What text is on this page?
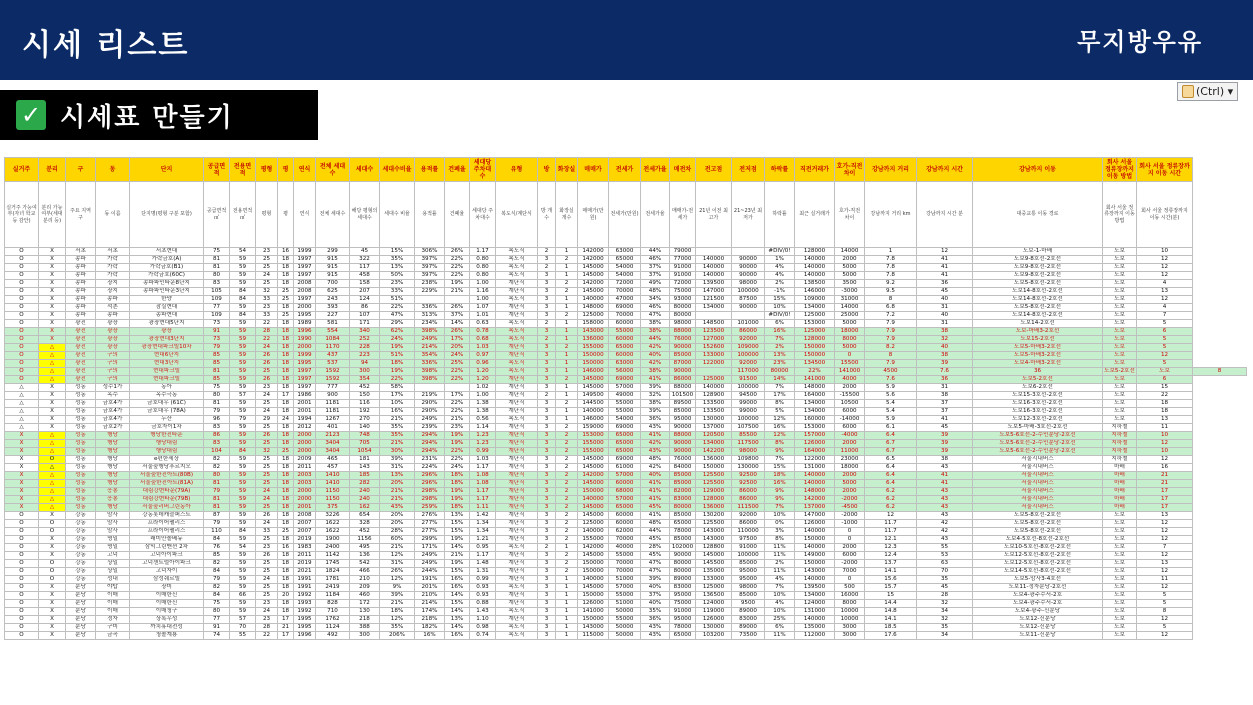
시세 리스트	무지방우유
✓ 시세표 만들기
(Ctrl) ▾
실거주	분리	구	동	단지	공급면적	전용면적	평형	평	연식	전체 세대수	세대수	세대수비율	용적률	건폐율	세대당 주차대수	유형	방	화장실	매매가	전세가	전세가율	매전차	전고점	전저점	하락률	직전거래가	호가-직전 차이	강남까지 거리	강남까지 시간	강남까지 이동	회사 서울 정류장까지 이동 방법	회사 서울 정류장까지 이동 시간	
실거주 가능여부(자녀 학교 등 감안)	분리 가능 여부(세대분리 등)	주요 지역 구	동 이름	단지명(평형 구분 포함)	공급면적 ㎡	전용면적 ㎡	평형	평	연식	전체 세대수	해당 평형의 세대수	세대수 비율	용적률	건폐율	세대당 주차대수	복도식/계단식	방 개수	화장실 개수	매매가(만원)	전세가(만원)	전세가율	매매가-전세가	21년 이전 최고가	21~23년 최저가	하락률	최근 실거래가	호가-직전 차이	강남까지 거리 km	강남까지 시간 분	대중교통 이동 경로	회사 서울 정류장까지 이동 방법	회사 서울 정류장까지 이동 시간(분)	
O	X	서초	서초	서초현대	75	54	23	16	1999	299	45	15%	306%	26%	1.17	복도식	2	1	142000	63000	44%	79000			#DIV/0!	128000	14000	1	12	도보-1-마배	도보	10	
O	X	송파	가락	가락금호(A)	81	59	25	18	1997	915	322	35%	397%	22%	0.80	복도식	3	2	142000	65000	46%	77000	140000	90000	1%	140000	2000	7.8	41	도보9-8호선-2호선	도보	12	
O	X	송파	가락	가락금호(B1)	81	59	25	18	1997	915	117	13%	397%	22%	0.80	복도식	2	1	145000	54000	37%	91000	140000	90000	4%	140000	5000	7.8	41	도보9-8호선-2호선	도보	12	
O	X	송파	가락	가락금호(60C)	80	59	24	18	1997	915	458	50%	397%	22%	0.80	복도식	3	1	145000	54000	37%	91000	140000	90000	4%	140000	5000	7.8	41	도보9-8호선-2호선	도보	12	
O	X	송파	장지	송파파인타운8단지	83	59	25	18	2008	700	158	23%	238%	19%	1.00	계단식	3	2	142000	72000	49%	72000	139500	98000	2%	138500	3500	9.2	36	도보5-8호선-2호선	도보	4	
O	X	송파	장지	송파파인타운3단지	105	84	32	25	2008	625	207	33%	229%	21%	1.16	계단식	3	2	145000	70000	48%	75000	147000	100000	-1%	146000	-3000	9.5	45	도보14-8호선-2호선	도보	13	
O	X	송파	송파	한양	109	84	33	25	1997	243	124	51%			1.00	복도식	3	1	140000	47000	34%	93000	121500	87500	15%	109000	31000	8	40	도보14-8호선-2호선	도보	12	
O	X	송파	석촌	잠실현대	77	59	23	18	2000	393	86	22%	336%	26%	1.07	계단식	3	1	148000	69000	46%	80000	134000	90000	10%	134000	14000	6.8	31	도보5-8호선-2호선	도보	4	
O	X	송파	송파	송파현대	109	84	33	25	1995	227	107	47%	313%	37%	1.01	계단식	3	2	125000	70000	47%	80000			#DIV/0!	125000	25000	7.2	40	도보14-8호선-2호선	도보	7	
O	X	광진	광장	광장현대5단지	73	59	22	18	1989	581	171	29%	234%	14%	0.63	복도식	2	1	158000	60000	38%	98000	148500	101000	6%	153000	5000	7.9	31	도보14-2호선	도보	5	
O	X	광진	광장	광장	91	59	28	18	1996	554	340	62%	398%	26%	0.78	복도식	3	1	143000	55000	38%	88000	123500	86000	16%	125000	18000	7.9	38	도보-마배3-2호선	도보	6	
O	X	광진	광장	광장현대3단지	73	59	22	18	1990	1084	252	24%	249%	17%	0.68	복도식	2	1	136000	60000	44%	76000	127000	92000	7%	128000	8000	7.9	32	도보15-2호선	도보	5	
O	△	광진	광장	광장현대파크빌10차	79	59	24	18	2000	1170	228	19%	214%	20%	1.03	계단식	3	2	155000	65000	42%	90000	152600	109000	2%	150000	5000	8.2	40	도보5-마배3-2호선	도보	5	
O	△	광진	구의	현대6단지	85	59	26	18	1999	437	223	51%	354%	24%	0.97	계단식	3	1	150000	60000	40%	85000	133000	100000	13%	150000	0	8	38	도보5-마배3-2호선	도보	12	
O	△	광진	구의	현대3단지	85	59	26	18	1995	537	94	18%	336%	25%	0.96	복도식	3	1	150000	63000	42%	87000	122000	92000	23%	134500	15500	7.9	39	도보4-마배3-2호선	도보	5	
O	△	광진	구의	현대파크빌	81	59	25	18	1997	1592	300	19%	398%	22%	1.20	복도식	3	1	146000	56000	38%	90000		117000	80000	22%	141000	4500	7.6	36	도보5-2호선	도보	8
O	△	광진	구의	현대파크빌	85	59	26	18	1997	1592	354	22%	398%	22%	1.20	계단식	3	2	145000	69000	41%	86000	125000	91500	14%	141000	4000	7.6	36	도보5-2호선	도보	6	
△	X	성동	성수1가	동아	75	59	23	18	1997	777	452	58%			1.02	계단식	3	1	145000	57000	39%	88000	140000	100000	7%	148000	2000	5.9	31	도보6-2호선	도보	15	
△	X	성동	옥수	옥수극동	80	57	24	17	1986	900	150	17%	219%	17%	1.00	계단식	2	1	149500	49000	32%	101500	128900	94500	17%	164000	-15500	5.6	38	도보15-3호선-2호선	도보	22	
△	X	성동	금호4가	금호대우 (61C)	81	59	25	18	2001	1181	116	10%	290%	22%	1.38	계단식	3	2	144500	55000	38%	89500	133500	99000	8%	134000	10500	5.4	37	도보16-3호선-2호선	도보	18	
△	X	성동	금호4가	금호대우 (78A)	79	59	24	18	2001	1181	192	16%	290%	22%	1.38	계단식	3	1	140000	55000	39%	85000	133500	99000	5%	134000	6000	5.4	37	도보16-3호선-2호선	도보	18	
△	X	성동	금호4가	두산	96	79	29	24	1994	1267	270	21%	249%	21%	0.56	복도식	3	1	146000	54000	36%	95000	130000	100000	12%	160000	-14000	5.9	41	도보12-3호선-2호선	도보	13	
△	X	성동	금호2가	금호자이1차	83	59	25	18	2012	401	140	35%	239%	23%	1.14	계단식	3	2	159000	69000	43%	90000	137000	107500	16%	153000	6000	6.1	45	도보5-마배-3호선-2호선	지하철	11	
X	△	성동	행당	행당한진타운	86	59	26	18	2000	2123	748	35%	294%	19%	1.23	계단식	3	2	153000	65000	41%	88000	120500	85500	12%	157000	-4000	6.4	39	도보5-6호선-2-수인분당-2호선	지하철	10	
X	△	성동	행당	행당대림	83	59	25	18	2000	3404	705	21%	294%	19%	1.23	계단식	3	2	155000	65000	42%	90000	134000	117500	8%	126000	2000	6.7	39	도보5-6호선-2-수인분당-2호선	지하철	12	
X	△	성동	행당	행당대림	104	84	32	25	2000	3404	1054	30%	294%	22%	0.99	계단식	3	2	155000	65000	43%	90000	142200	98000	9%	164000	11000	6.7	39	도보5-6호선-2-수인분당-2호선	지하철	10	
X	O	성동	행당	e편한세상	82	59	25	18	2009	465	181	39%	231%	22%	1.03	계단식	3	2	145000	69000	48%	76000	136000	109800	7%	122000	23000	6.5	38	서울시내버스	지하철	12	
X	△	성동	행당	서울숲행당푸르지오	82	59	25	18	2011	457	143	31%	224%	24%	1.17	계단식	3	2	145000	61000	42%	84000	150000	130000	15%	131000	18000	6.4	43	서울시내버스	마배	16	
X	△	성동	행당	서울숲한진아트(80B)	80	59	25	18	2003	1410	185	13%	296%	18%	1.08	계단식	3	2	142000	57000	40%	85000	125500	92500	18%	140000	2000	6.4	41	서울시내버스	마배	21	
X	△	성동	행당	서울숲한진아트(81A)	81	59	25	18	2003	1410	282	20%	296%	18%	1.08	계단식	3	2	145000	60000	41%	85000	125500	92500	16%	140000	5000	6.4	41	서울시내버스	마배	21	
X	△	성동	응봉	대림강변타운(79A)	79	59	24	18	2000	1150	240	21%	298%	19%	1.17	계단식	3	2	150000	68000	41%	82000	129000	86000	9%	148000	2000	6.2	43	서울시내버스	마배	17	
X	△	성동	응봉	대림강변타운(79B)	81	59	24	18	2000	1150	240	21%	298%	19%	1.17	계단식	3	2	140000	57000	41%	83000	128000	86000	9%	142000	-2000	6.2	43	서울시내버스	마배	17	
X	△	성동	행당	서울숲리버그린동아	81	59	25	18	2001	375	162	43%	259%	18%	1.11	계단식	3	2	145000	65000	45%	80000	136000	111500	7%	137000	-4500	6.2	43	서울시내버스	마배	17	
O	X	강동	암사	강동롯데캐슬퍼스트	87	59	26	18	2008	3226	654	20%	276%	13%	1.42	계단식	3	2	145000	60000	41%	85000	130200	92000	10%	147000	-2000	12	43	도보5-8호선-2호선	도보	13	
O	O	강동	암사	프라이어팰리스	79	59	24	18	2007	1622	328	20%	277%	15%	1.34	계단식	3	2	125000	60000	48%	65000	125500	86000	0%	126000	-1000	11.7	42	도보5-8호선-2호선	도보	12	
O	O	강동	암사	프라이어팰리스	110	84	33	25	2007	1622	452	28%	277%	15%	1.34	계단식	3	2	140000	62000	44%	78000	143000	110000	3%	140000	0	11.7	42	도보5-8호선-2호선	도보	12	
O	X	강동	명일	래미안솔베뉴	84	59	25	18	2019	1900	1156	60%	299%	19%	1.21	계단식	3	2	155000	70000	45%	85000	143000	97500	8%	150000	0	12.1	43	도보4-5호선-8호선-2호선	도보	12	
O	X	강동	명일	삼익그린맨션 2차	76	54	23	16	1983	2400	495	21%	171%	14%	0.95	복도식	2	1	142000	40000	28%	102000	128800	91000	11%	140000	2000	12.3	55	도보10-5호선-8호선-2호선	도보	7	
O	X	강동	고덕	고덕아이파크	85	59	26	18	2011	1142	136	12%	249%	21%	1.17	계단식	3	2	145000	55000	45%	90000	145000	100000	11%	149000	6000	12.4	53	도보12-5호선-8호선-2호선	도보	12	
O	O	강동	상일	고덕센트럴아이파크	82	59	25	18	2019	1745	542	31%	249%	19%	1.48	계단식	3	2	150000	70000	47%	80000	145500	85000	2%	150000	-2000	13.7	63	도보12-5호선-8호선-2호선	도보	13	
O	O	강동	상일	고덕자이	84	59	25	18	2021	1824	466	26%	244%	15%	1.31	계단식	3	2	150000	70000	47%	80000	135000	95000	11%	143000	7000	14.1	70	도보14-5호선-8호선-2호선	도보	12	
O	O	강동	성내	삼성쉐르빌	79	59	24	18	1991	1781	210	12%	191%	16%	0.99	계단식	3	1	140000	51000	39%	89000	133000	95000	4%	140000	0	15.6	35	도보5-암사3-4호선	도보	11	
O	X	분당	야탑	장미	82	59	25	18	1991	2419	209	9%	201%	16%	0.93	복도식	3	1	145000	57000	40%	83000	125000	98000	7%	139500	500	15.7	45	도보11-정자분당-2호선	도보	12	
O	X	분당	이매	이매한신	84	66	25	20	1992	1184	460	39%	210%	14%	0.93	계단식	3	1	150000	55000	37%	95000	136500	85000	10%	134000	16000	15	28	도보4-광주수서-2호	도보	5	
O	X	분당	이매	이매한신	75	59	23	18	1993	828	172	21%	214%	15%	0.88	계단식	3	1	126000	51000	40%	75000	124000	9500	4%	124000	8000	14.4	32	도보4-광주수서-2호	도보	5	
O	X	분당	이매	이매청구	80	59	24	18	1992	710	130	18%	174%	14%	1.43	복도식	3	1	141000	50000	35%	91000	119000	89000	10%	131000	10000	14.8	34	도보4-광주-신분당	도보	8	
O	X	분당	정자	상록우성	77	57	23	17	1995	1762	218	12%	218%	13%	1.10	계단식	3	1	150000	55000	36%	95000	126000	83000	25%	140000	10000	14.1	32	도보12-신분당	도보	12	
O	X	분당	구미	까치휴대전성	91	70	28	21	1995	1124	388	35%	182%	14%	0.98	복도식	3	1	143000	50000	43%	78000	130000	89000	6%	135000	3000	18.5	35	도보12-신분당	도보	5	
O	X	분당	금곡	청솔계룡	74	55	22	17	1996	492	300	206%	16%	16%	0.74	복도식	3	1	115000	50000	43%	65000	103200	73500	11%	112000	3000	17.6	34	도보11-신분당	도보	12	
